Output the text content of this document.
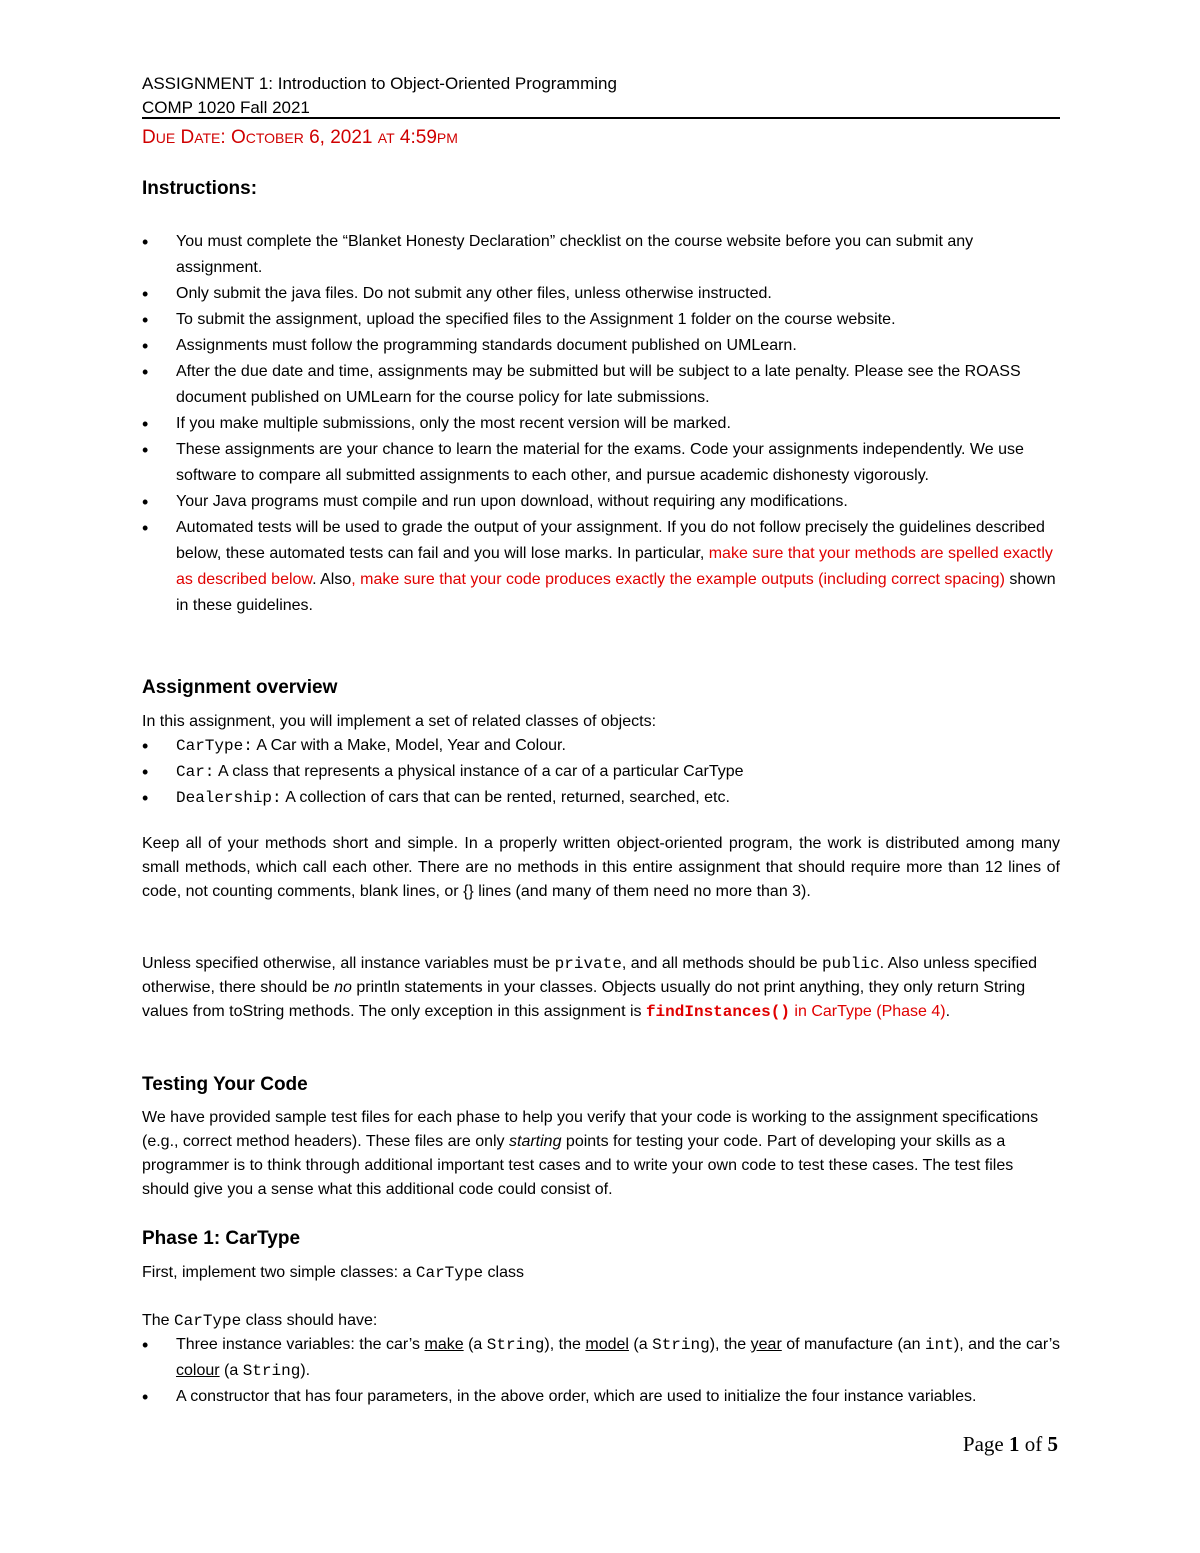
ASSIGNMENT 1: Introduction to Object-Oriented Programming
COMP 1020 Fall 2021
DUE DATE: OCTOBER 6, 2021 AT 4:59PM
Instructions:
• You must complete the “Blanket Honesty Declaration” checklist on the course website before you can submit any assignment.
• Only submit the java files. Do not submit any other files, unless otherwise instructed.
• To submit the assignment, upload the specified files to the Assignment 1 folder on the course website.
• Assignments must follow the programming standards document published on UMLearn.
• After the due date and time, assignments may be submitted but will be subject to a late penalty. Please see the ROASS document published on UMLearn for the course policy for late submissions.
• If you make multiple submissions, only the most recent version will be marked.
• These assignments are your chance to learn the material for the exams. Code your assignments independently. We use software to compare all submitted assignments to each other, and pursue academic dishonesty vigorously.
• Your Java programs must compile and run upon download, without requiring any modifications.
• Automated tests will be used to grade the output of your assignment. If you do not follow precisely the guidelines described below, these automated tests can fail and you will lose marks. In particular, make sure that your methods are spelled exactly as described below. Also, make sure that your code produces exactly the example outputs (including correct spacing) shown in these guidelines.
Assignment overview
In this assignment, you will implement a set of related classes of objects:
• CarType: A Car with a Make, Model, Year and Colour.
• Car: A class that represents a physical instance of a car of a particular CarType
• Dealership: A collection of cars that can be rented, returned, searched, etc.
Keep all of your methods short and simple. In a properly written object-oriented program, the work is distributed among many small methods, which call each other. There are no methods in this entire assignment that should require more than 12 lines of code, not counting comments, blank lines, or {} lines (and many of them need no more than 3).
Unless specified otherwise, all instance variables must be private, and all methods should be public. Also unless specified otherwise, there should be no println statements in your classes. Objects usually do not print anything, they only return String values from toString methods. The only exception in this assignment is findInstances() in CarType (Phase 4).
Testing Your Code
We have provided sample test files for each phase to help you verify that your code is working to the assignment specifications (e.g., correct method headers). These files are only starting points for testing your code. Part of developing your skills as a programmer is to think through additional important test cases and to write your own code to test these cases. The test files should give you a sense what this additional code could consist of.
Phase 1: CarType
First, implement two simple classes: a CarType class
The CarType class should have:
• Three instance variables: the car’s make (a String), the model (a String), the year of manufacture (an int), and the car’s colour (a String).
• A constructor that has four parameters, in the above order, which are used to initialize the four instance variables.
Page 1 of 5
